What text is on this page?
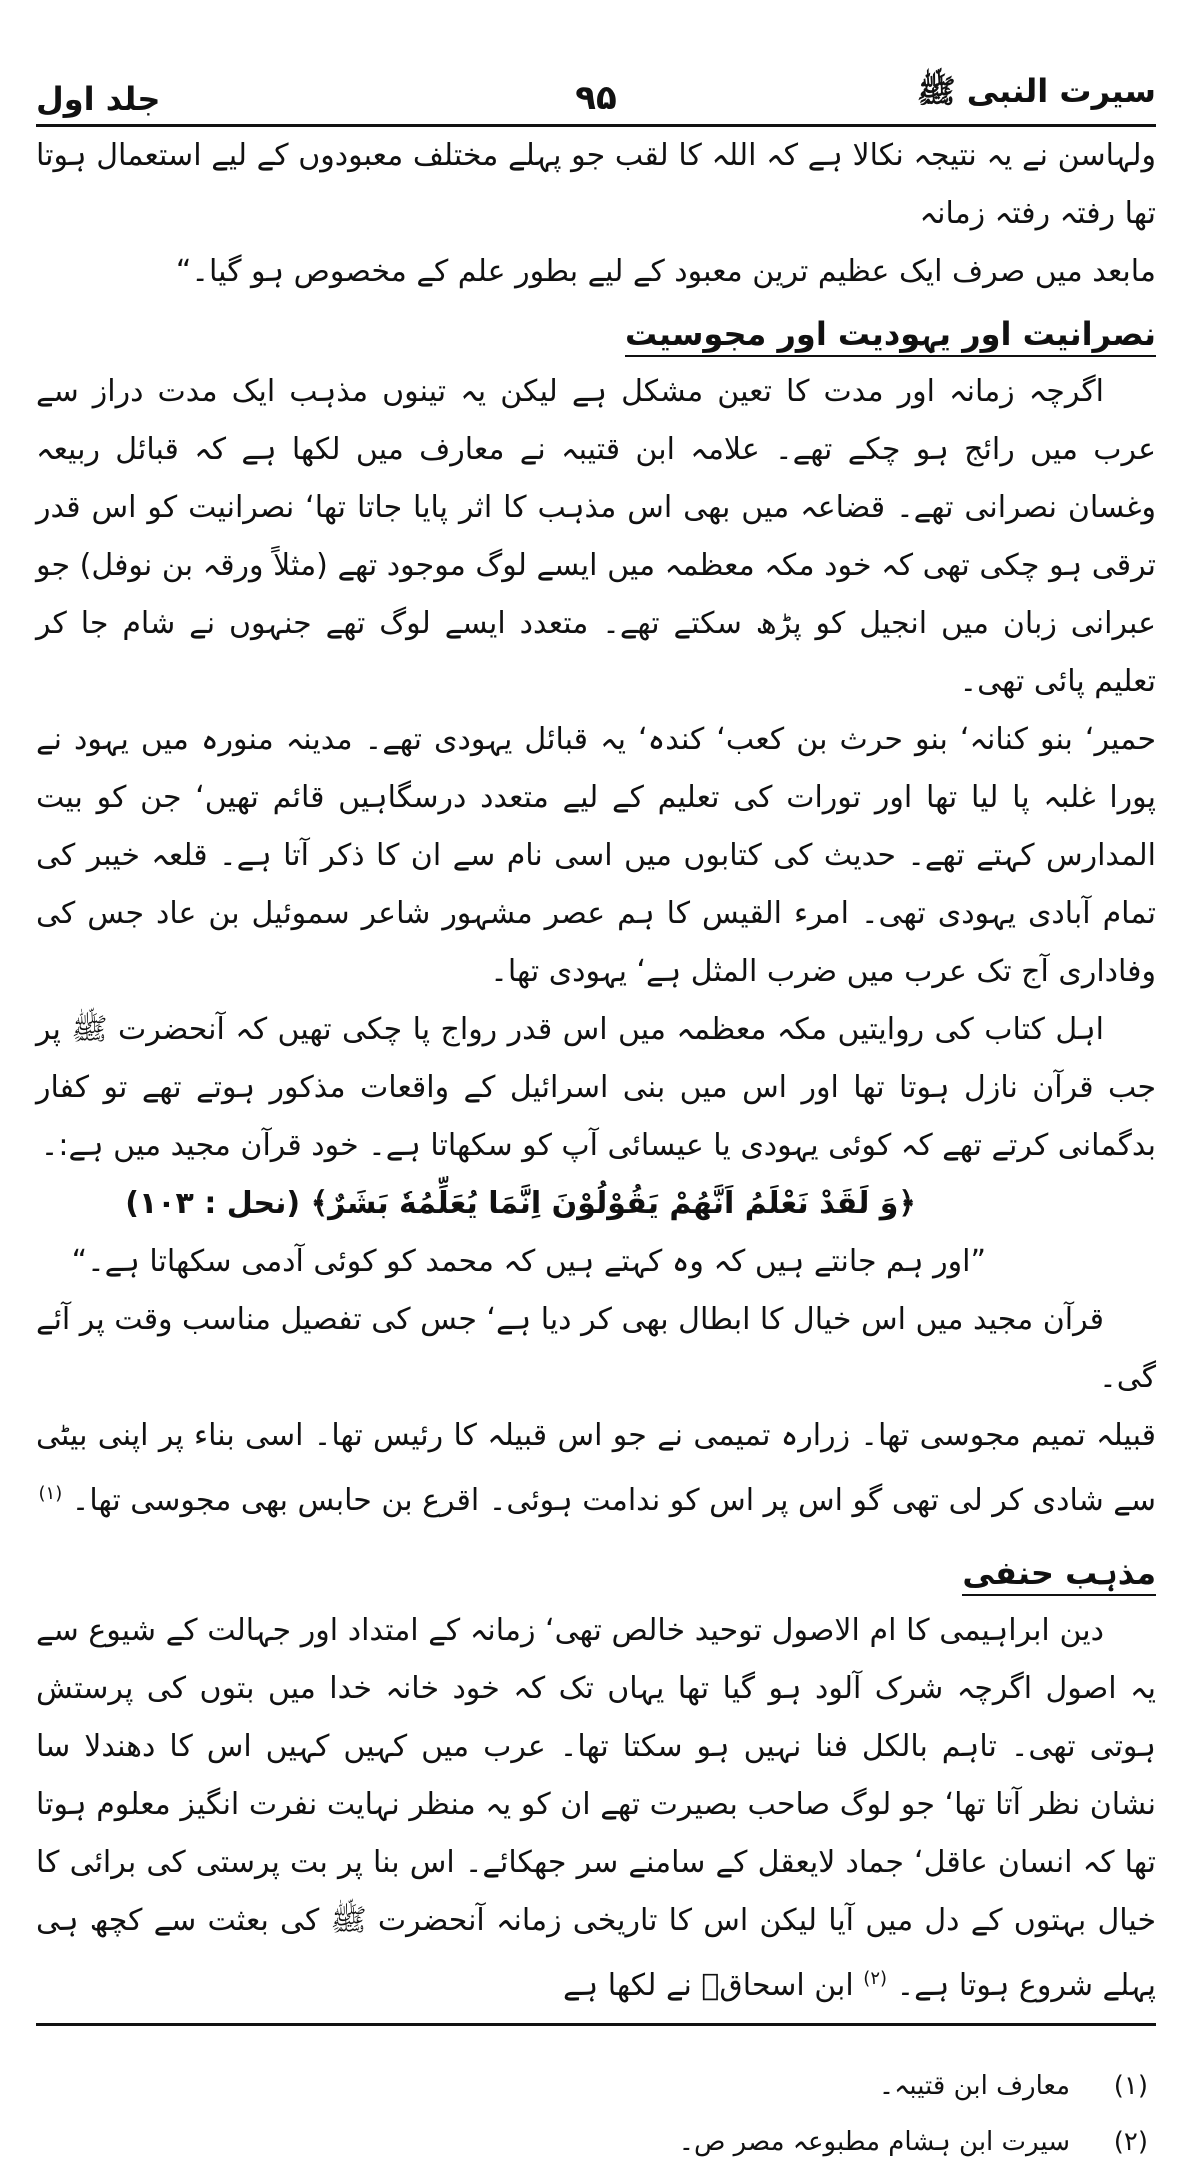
سیرت النبی ﷺ
۹۵
جلد اول

ولہاسن نے یہ نتیجہ نکالا ہے کہ اللہ کا لقب جو پہلے مختلف معبودوں کے لیے استعمال ہوتا تھا رفتہ رفتہ زمانہ

مابعد میں صرف ایک عظیم ترین معبود کے لیے بطور علم کے مخصوص ہو گیا۔“

نصرانیت اور یہودیت اور مجوسیت

اگرچہ زمانہ اور مدت کا تعین مشکل ہے لیکن یہ تینوں مذہب ایک مدت دراز سے عرب میں رائج ہو چکے تھے۔ علامہ ابن قتیبہ نے معارف میں لکھا ہے کہ قبائل ربیعہ وغسان نصرانی تھے۔ قضاعہ میں بھی اس مذہب کا اثر پایا جاتا تھا‘ نصرانیت کو اس قدر ترقی ہو چکی تھی کہ خود مکہ معظمہ میں ایسے لوگ موجود تھے (مثلاً ورقہ بن نوفل) جو عبرانی زبان میں انجیل کو پڑھ سکتے تھے۔ متعدد ایسے لوگ تھے جنہوں نے شام جا کر تعلیم پائی تھی۔

حمیر‘ بنو کنانہ‘ بنو حرث بن کعب‘ کندہ‘ یہ قبائل یہودی تھے۔ مدینہ منورہ میں یہود نے پورا غلبہ پا لیا تھا اور تورات کی تعلیم کے لیے متعدد درسگاہیں قائم تھیں‘ جن کو بیت المدارس کہتے تھے۔ حدیث کی کتابوں میں اسی نام سے ان کا ذکر آتا ہے۔ قلعہ خیبر کی تمام آبادی یہودی تھی۔ امرء القیس کا ہم عصر مشہور شاعر سموئیل بن عاد جس کی وفاداری آج تک عرب میں ضرب المثل ہے‘ یہودی تھا۔

اہل کتاب کی روایتیں مکہ معظمہ میں اس قدر رواج پا چکی تھیں کہ آنحضرت ﷺ پر جب قرآن نازل ہوتا تھا اور اس میں بنی اسرائیل کے واقعات مذکور ہوتے تھے تو کفار بدگمانی کرتے تھے کہ کوئی یہودی یا عیسائی آپ کو سکھاتا ہے۔ خود قرآن مجید میں ہے:۔

﴿وَ لَقَدْ نَعْلَمُ اَنَّهُمْ يَقُوْلُوْنَ اِنَّمَا يُعَلِّمُهٗ بَشَرٌ﴾ (نحل : ۱۰۳)
”اور ہم جانتے ہیں کہ وہ کہتے ہیں کہ محمد کو کوئی آدمی سکھاتا ہے۔“

قرآن مجید میں اس خیال کا ابطال بھی کر دیا ہے‘ جس کی تفصیل مناسب وقت پر آئے گی۔

قبیلہ تمیم مجوسی تھا۔ زرارہ تمیمی نے جو اس قبیلہ کا رئیس تھا۔ اسی بناء پر اپنی بیٹی سے شادی کر لی تھی گو اس پر اس کو ندامت ہوئی۔ اقرع بن حابس بھی مجوسی تھا۔ $^{(۱)}$

مذہب حنفی

دین ابراہیمی کا ام الاصول توحید خالص تھی‘ زمانہ کے امتداد اور جہالت کے شیوع سے یہ اصول اگرچہ شرک آلود ہو گیا تھا یہاں تک کہ خود خانہ خدا میں بتوں کی پرستش ہوتی تھی۔ تاہم بالکل فنا نہیں ہو سکتا تھا۔ عرب میں کہیں کہیں اس کا دھندلا سا نشان نظر آتا تھا‘ جو لوگ صاحب بصیرت تھے ان کو یہ منظر نہایت نفرت انگیز معلوم ہوتا تھا کہ انسان عاقل‘ جماد لایعقل کے سامنے سر جھکائے۔ اس بنا پر بت پرستی کی برائی کا خیال بہتوں کے دل میں آیا لیکن اس کا تاریخی زمانہ آنحضرت ﷺ کی بعثت سے کچھ ہی پہلے شروع ہوتا ہے۔ $^{(۲)}$ ابن اسحاقؒ نے لکھا ہے

(۱)
معارف ابن قتیبہ۔
(۲)
سیرت ابن ہشام مطبوعہ مصر ص۔
